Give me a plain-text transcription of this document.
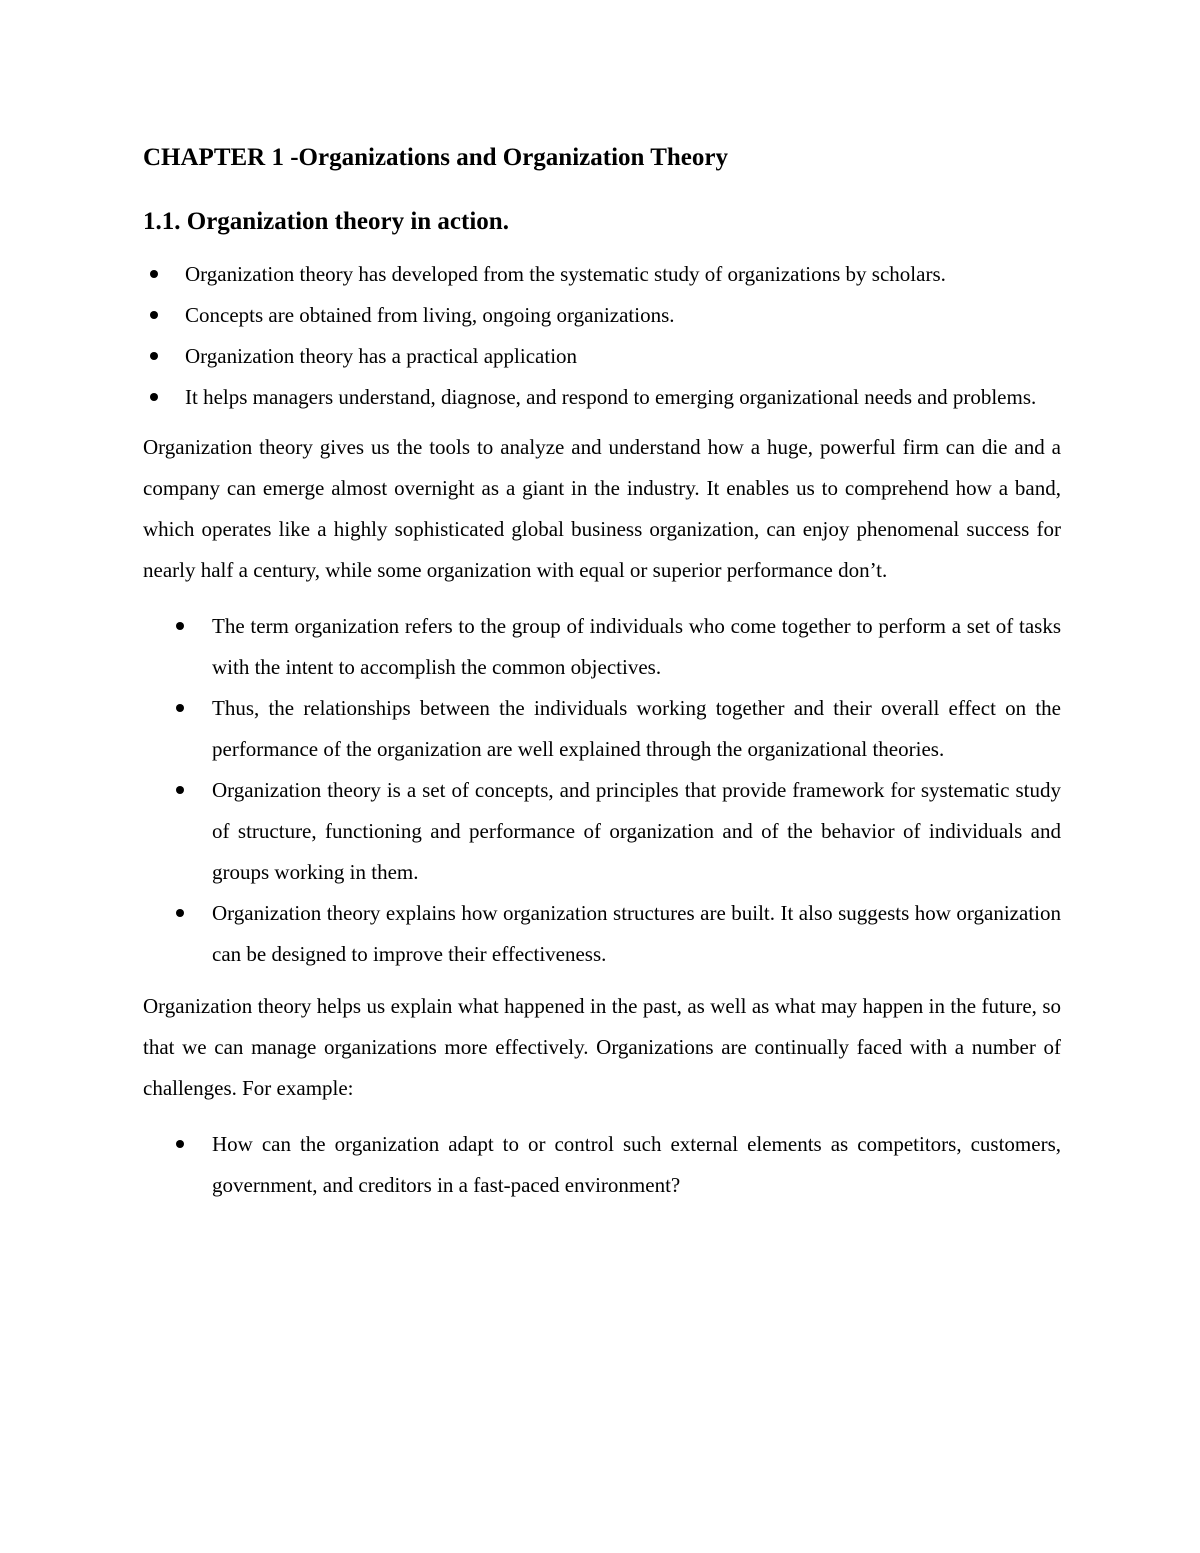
CHAPTER 1 -Organizations and Organization Theory
1.1. Organization theory in action.
Organization theory has developed from the systematic study of organizations by scholars.
Concepts are obtained from living, ongoing organizations.
Organization theory has a practical application
It helps managers understand, diagnose, and respond to emerging organizational needs and problems.
Organization theory gives us the tools to analyze and understand how a huge, powerful firm can die and a company can emerge almost overnight as a giant in the industry. It enables us to comprehend how a band, which operates like a highly sophisticated global business organization, can enjoy phenomenal success for nearly half a century, while some organization with equal or superior performance don’t.
The term organization refers to the group of individuals who come together to perform a set of tasks with the intent to accomplish the common objectives.
Thus, the relationships between the individuals working together and their overall effect on the performance of the organization are well explained through the organizational theories.
Organization theory is a set of concepts, and principles that provide framework for systematic study of structure, functioning and performance of organization and of the behavior of individuals and groups working in them.
Organization theory explains how organization structures are built. It also suggests how organization can be designed to improve their effectiveness.
Organization theory helps us explain what happened in the past, as well as what may happen in the future, so that we can manage organizations more effectively. Organizations are continually faced with a number of challenges. For example:
How can the organization adapt to or control such external elements as competitors, customers, government, and creditors in a fast-paced environment?
